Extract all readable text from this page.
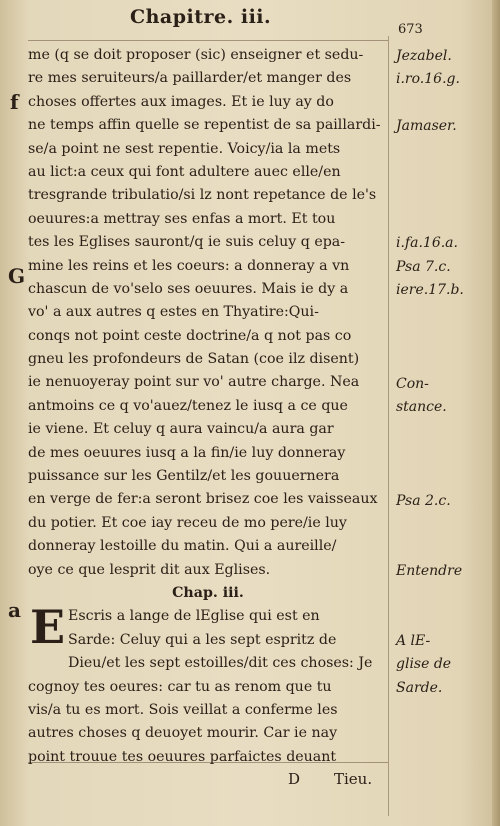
Chapitre. iii.
673
f
G
a E
me (q se doit proposer (sic) enseigner et sedu-
re mes seruiteurs/a paillarder/et manger des
choses offertes aux images. Et ie luy ay do
ne temps affin quelle se repentist de sa paillardi-
se/a point ne sest repentie. Voicy/ia la mets
au lict:a ceux qui font adultere auec elle/en
tresgrande tribulatio/si lz nont repetance de le's
oeuures:a mettray ses enfas a mort. Et tou
tes les Eglises sauront/q ie suis celuy q epa-
mine les reins et les coeurs: a donneray a vn
chascun de vo'selo ses oeuures. Mais ie dy a
vo' a aux autres q estes en Thyatire:Qui-
conqs not point ceste doctrine/a q not pas co
gneu les profondeurs de Satan (coe ilz disent)
ie nenuoyeray point sur vo' autre charge. Nea
antmoins ce q vo'auez/tenez le iusq a ce que
ie viene. Et celuy q aura vaincu/a aura gar
de mes oeuures iusq a la fin/ie luy donneray
puissance sur les Gentilz/et les gouuernera
en verge de fer:a seront brisez coe les vaisseaux
du potier. Et coe iay receu de mo pere/ie luy
donneray lestoille du matin. Qui a aureille/
oye ce que lesprit dit aux Eglises.
Chap. iii.
Escris a lange de lEglise qui est en
Sarde: Celuy qui a les sept espritz de
Dieu/et les sept estoilles/dit ces choses: Je
cognoy tes oeures: car tu as renom que tu
vis/a tu es mort. Sois veillat a conferme les
autres choses q deuoyet mourir. Car ie nay
point trouue tes oeuures parfaictes deuant
Jezabel.
i.ro.16.g.
Jamaser.
i.fa.16.a.
Psa 7.c.
iere.17.b.
Con-
stance.
Psa 2.c.
Entendre
A lE-
glise de
Sarde.
D Tieu.
